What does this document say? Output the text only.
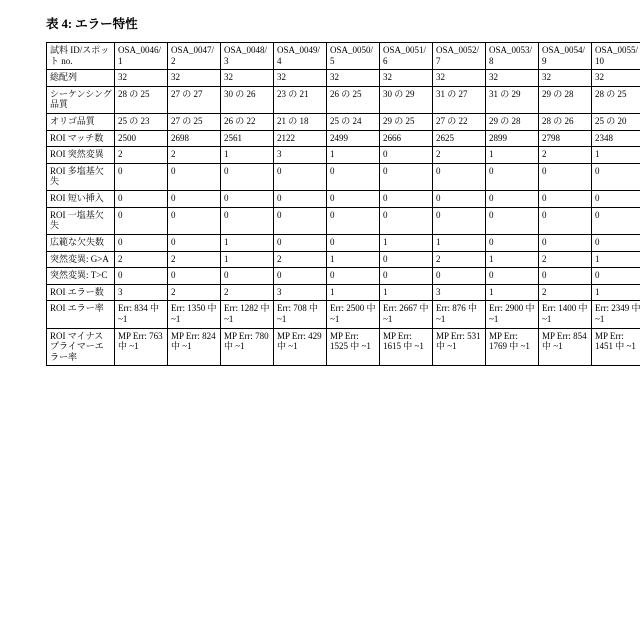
表 4: エラー特性
試料 ID/スポット no.	OSA_0046/1	OSA_0047/2	OSA_0048/3	OSA_0049/4	OSA_0050/5	OSA_0051/6	OSA_0052/7	OSA_0053/8	OSA_0054/9	OSA_0055/10
総配列	32	32	32	32	32	32	32	32	32	32
シーケンシング品質	28 の 25	27 の 27	30 の 26	23 の 21	26 の 25	30 の 29	31 の 27	31 の 29	29 の 28	28 の 25
オリゴ品質	25 の 23	27 の 25	26 の 22	21 の 18	25 の 24	29 の 25	27 の 22	29 の 28	28 の 26	25 の 20
ROI マッチ数	2500	2698	2561	2122	2499	2666	2625	2899	2798	2348
ROI 突然変異	2	2	1	3	1	0	2	1	2	1
ROI 多塩基欠失	0	0	0	0	0	0	0	0	0	0
ROI 短い挿入	0	0	0	0	0	0	0	0	0	0
ROI 一塩基欠失	0	0	0	0	0	0	0	0	0	0
広範な欠失数	0	0	1	0	0	1	1	0	0	0
突然変異: G>A	2	2	1	2	1	0	2	1	2	1
突然変異: T>C	0	0	0	0	0	0	0	0	0	0
ROI エラー数	3	2	2	3	1	1	3	1	2	1
ROI エラー率	Err: 834 中 ~1	Err: 1350 中 ~1	Err: 1282 中 ~1	Err: 708 中 ~1	Err: 2500 中 ~1	Err: 2667 中 ~1	Err: 876 中 ~1	Err: 2900 中 ~1	Err: 1400 中 ~1	Err: 2349 中 ~1
ROI マイナスプライマーエラー率	MP Err: 763 中 ~1	MP Err: 824 中 ~1	MP Err: 780 中 ~1	MP Err: 429 中 ~1	MP Err: 1525 中 ~1	MP Err: 1615 中 ~1	MP Err: 531 中 ~1	MP Err: 1769 中 ~1	MP Err: 854 中 ~1	MP Err: 1451 中 ~1
